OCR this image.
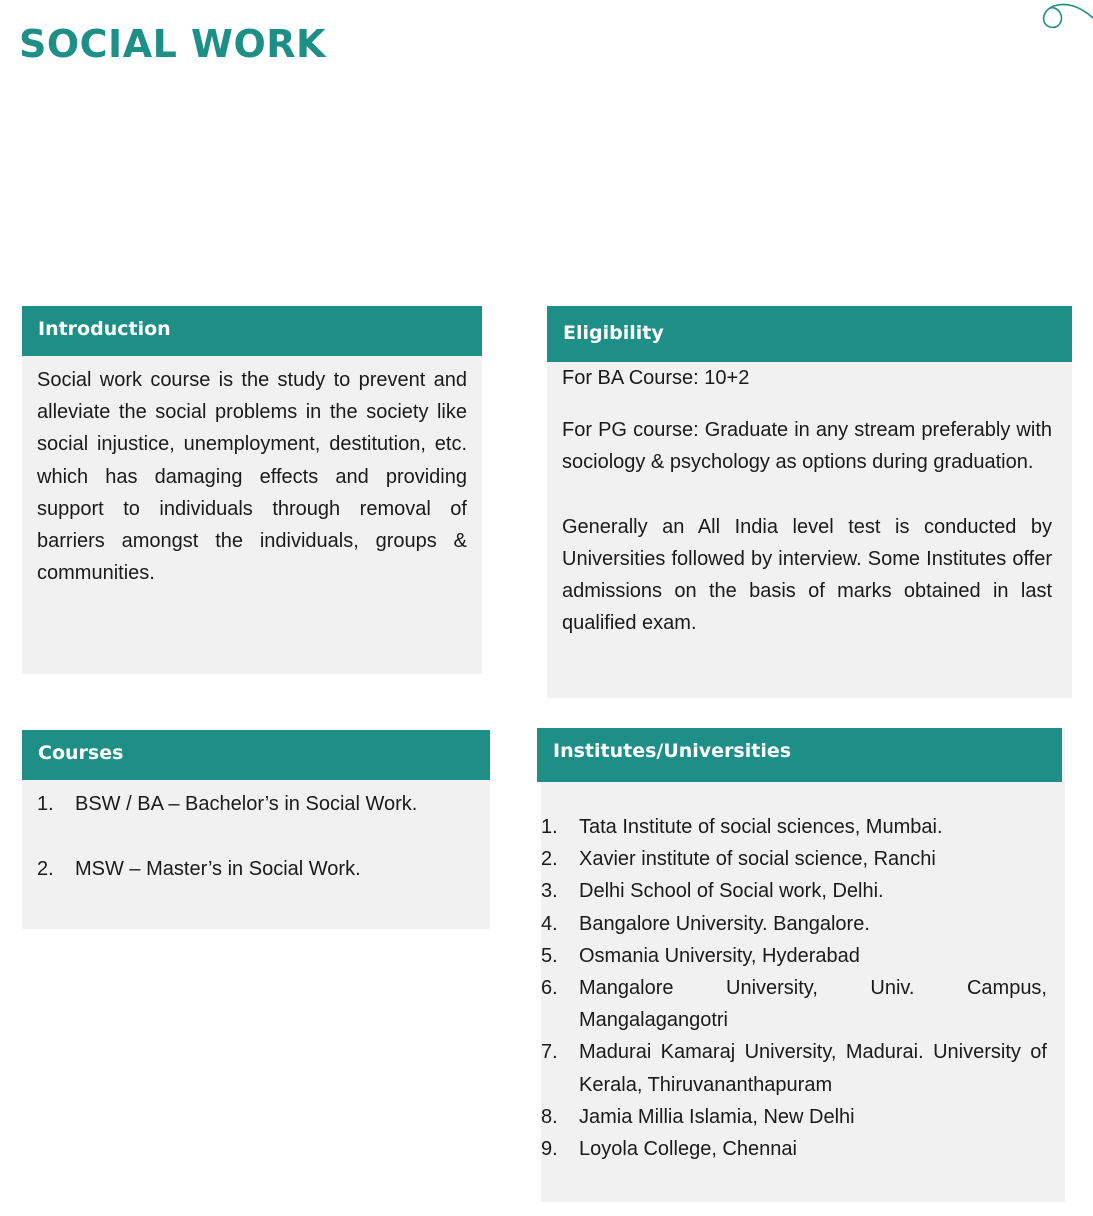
SOCIAL WORK
Introduction

Social work course is the study to prevent and alleviate the social problems in the society like social injustice, unemployment, destitution, etc. which has damaging effects and providing support to individuals through removal of barriers amongst the individuals, groups & communities.

Eligibility

For BA Course: 10+2

For PG course: Graduate in any stream preferably with sociology & psychology as options during graduation.

Generally an All India level test is conducted by Universities followed by interview. Some Institutes offer admissions on the basis of marks obtained in last qualified exam.

Courses
1.	BSW / BA – Bachelor’s in Social Work.
2.	MSW – Master’s in Social Work.
Institutes/Universities
1.	Tata Institute of social sciences, Mumbai.
2.	Xavier institute of social science, Ranchi
3.	Delhi School of Social work, Delhi.
4.	Bangalore University. Bangalore.
5.	Osmania University, Hyderabad
6.	Mangalore University, Univ. Campus, Mangalagangotri
7.	Madurai Kamaraj University, Madurai. University of Kerala, Thiruvananthapuram
8.	Jamia Millia Islamia, New Delhi
9.	Loyola College, Chennai
